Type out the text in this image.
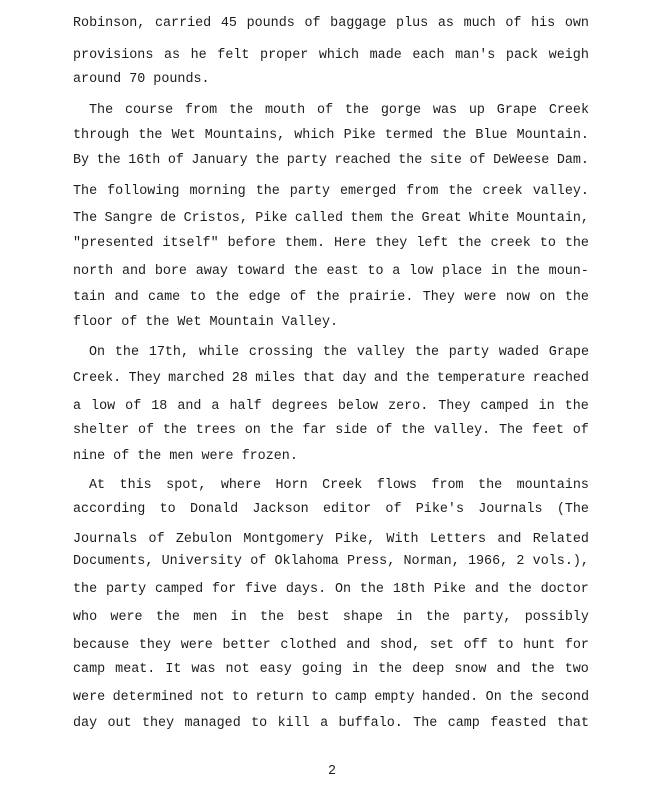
Robinson, carried 45 pounds of baggage plus as much of his own
provisions as he felt proper which made each man's pack weigh
around 70 pounds.
The course from the mouth of the gorge was up Grape Creek
through the Wet Mountains, which Pike termed the Blue Mountain.
By the 16th of January the party reached the site of DeWeese Dam.
The following morning the party emerged from the creek valley.
The Sangre de Cristos, Pike called them the Great White Mountain,
"presented itself" before them. Here they left the creek to the
north and bore away toward the east to a low place in the moun-
tain and came to the edge of the prairie. They were now on the
floor of the Wet Mountain Valley.
On the 17th, while crossing the valley the party waded Grape
Creek. They marched 28 miles that day and the temperature reached
a low of 18 and a half degrees below zero. They camped in the
shelter of the trees on the far side of the valley. The feet of
nine of the men were frozen.
At this spot, where Horn Creek flows from the mountains
according to Donald Jackson editor of Pike's Journals (The
Journals of Zebulon Montgomery Pike, With Letters and Related
Documents, University of Oklahoma Press, Norman, 1966, 2 vols.),
the party camped for five days. On the 18th Pike and the doctor
who were the men in the best shape in the party, possibly
because they were better clothed and shod, set off to hunt for
camp meat. It was not easy going in the deep snow and the two
were determined not to return to camp empty handed. On the second
day out they managed to kill a buffalo. The camp feasted that
2
